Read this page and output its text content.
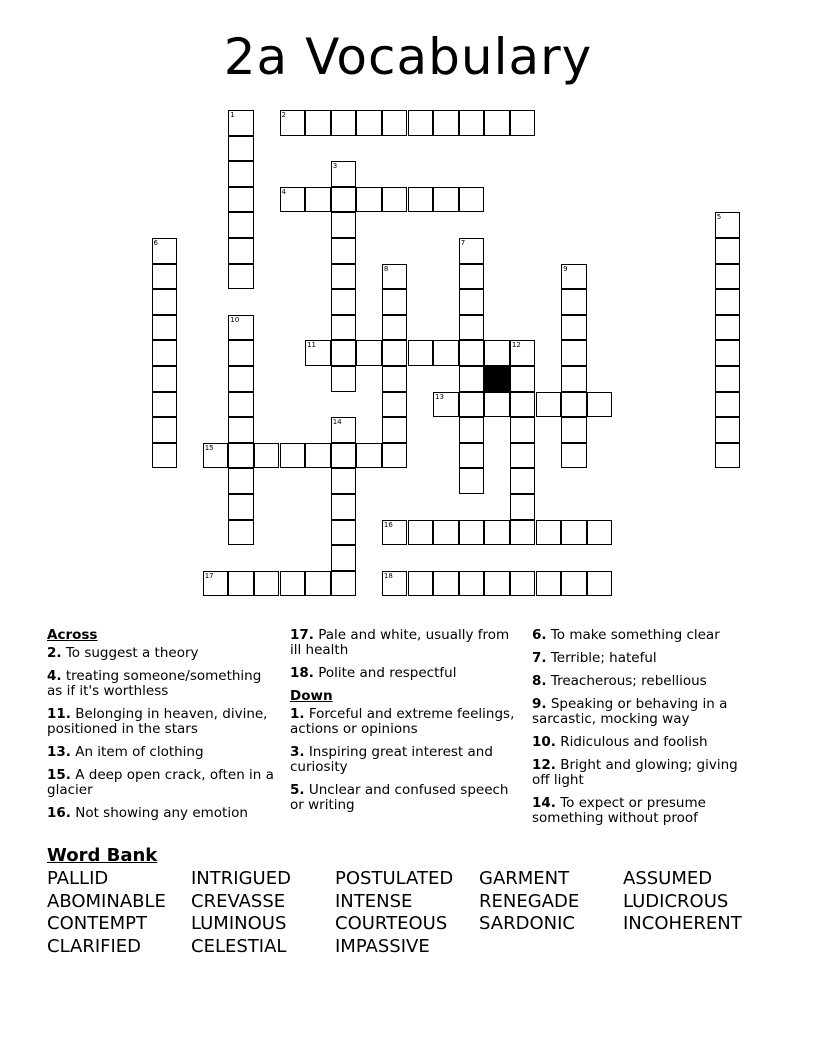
2a Vocabulary
1	2
3
4
5
6	7
8	9
10
11	12
13
14
15
16
17	18
Across
2. To suggest a theory
4. treating someone/something as if it's worthless
11. Belonging in heaven, divine, positioned in the stars
13. An item of clothing
15. A deep open crack, often in a glacier
16. Not showing any emotion
17. Pale and white, usually from ill health
18. Polite and respectful
Down
1. Forceful and extreme feelings, actions or opinions
3. Inspiring great interest and curiosity
5. Unclear and confused speech or writing
6. To make something clear
7. Terrible; hateful
8. Treacherous; rebellious
9. Speaking or behaving in a sarcastic, mocking way
10. Ridiculous and foolish
12. Bright and glowing; giving off light
14. To expect or presume something without proof
Word Bank
PALLID	INTRIGUED	POSTULATED	GARMENT	ASSUMED
ABOMINABLE	CREVASSE	INTENSE	RENEGADE	LUDICROUS
CONTEMPT	LUMINOUS	COURTEOUS	SARDONIC	INCOHERENT
CLARIFIED	CELESTIAL	IMPASSIVE
